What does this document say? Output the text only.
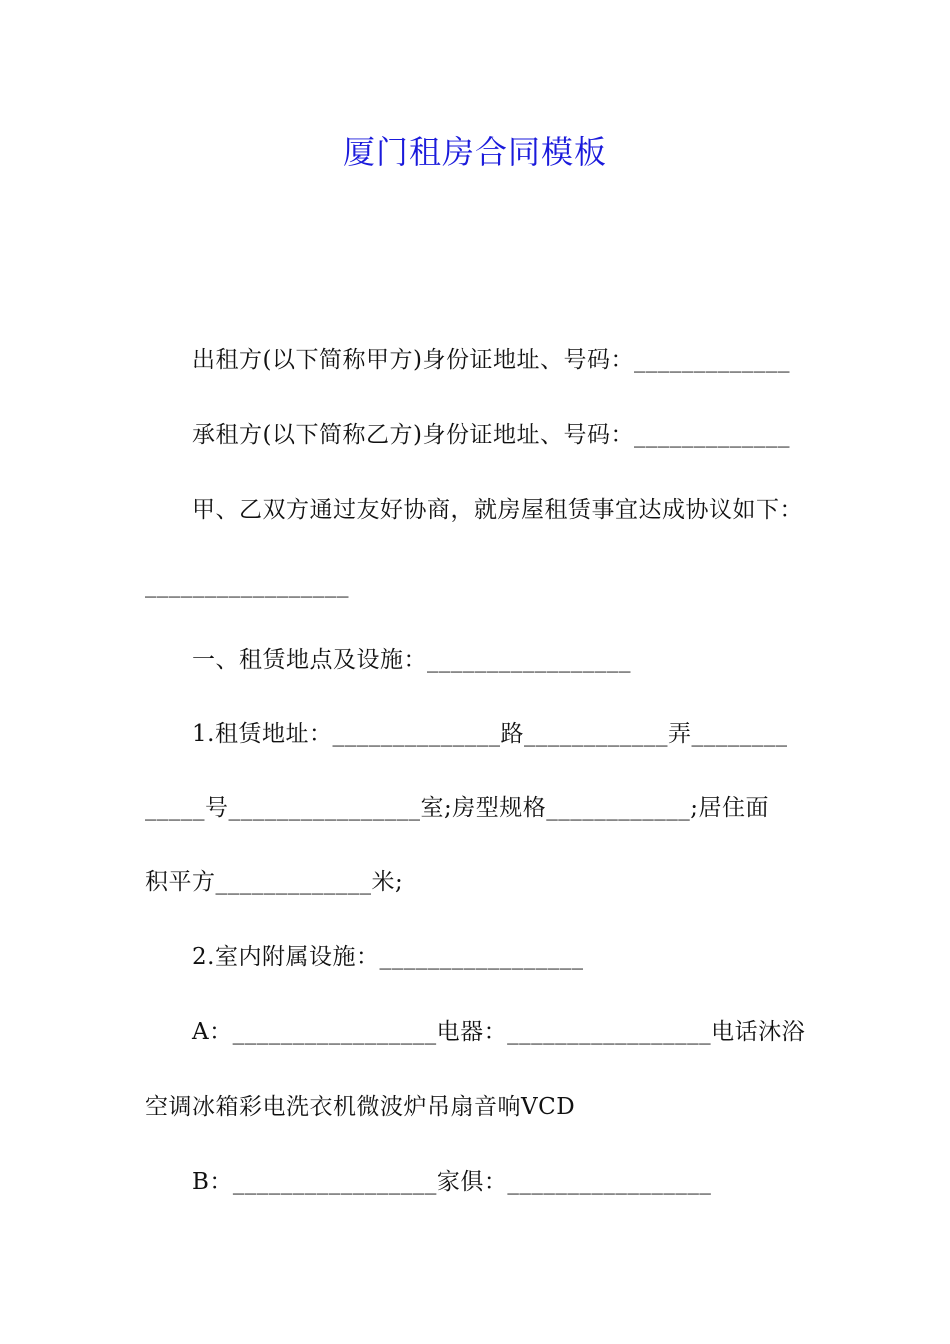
厦门租房合同模板
出租方(以下简称甲方)身份证地址、号码：_____________
承租方(以下简称乙方)身份证地址、号码：_____________
甲、乙双方通过友好协商，就房屋租赁事宜达成协议如下：
_________________
一、租赁地点及设施：_________________
1.租赁地址：______________路____________弄________
_____号________________室;房型规格____________;居住面
积平方_____________米;
2.室内附属设施：_________________
A：_________________电器：_________________电话沐浴
空调冰箱彩电洗衣机微波炉吊扇音响VCD
B：_________________家俱：_________________
